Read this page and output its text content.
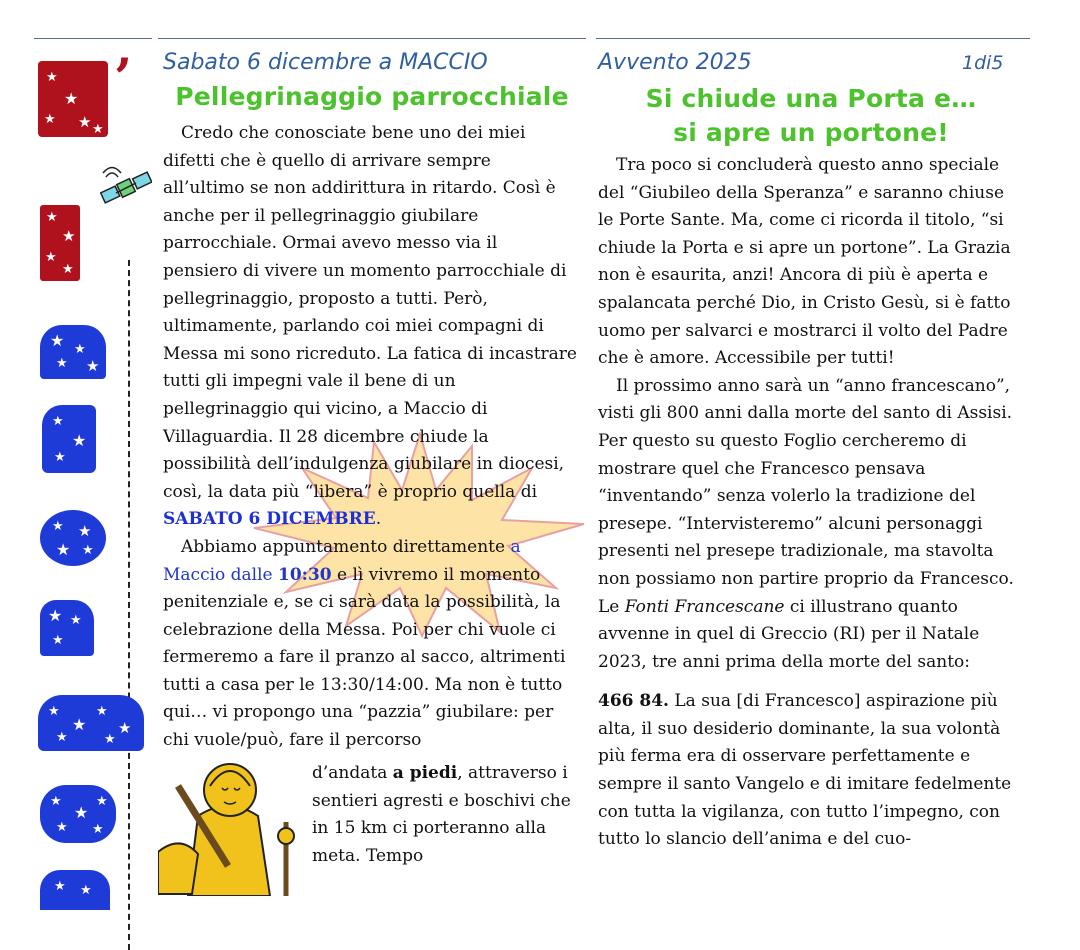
★
★
★ ★ ★
’
★
★
★
★
★ ★
★ ★
★
★
★
★ ★
★ ★
★ ★
★
★
★
★
★
★	★
★
★
★
★ ★
★ ★
Sabato 6 dicembre a MACCIO
Pellegrinaggio parrocchiale

Credo che conosciate bene uno dei miei difetti che è quello di arrivare sempre all’ultimo se non addirittura in ritardo. Così è anche per il pellegrinaggio giubilare parrocchiale. Ormai avevo messo via il pensiero di vivere un momento parrocchiale di pellegrinaggio, proposto a tutti. Però, ultimamente, parlando coi miei compagni di Messa mi sono ricreduto. La fatica di incastrare tutti gli impegni vale il bene di un pellegrinaggio qui vicino, a Maccio di Villaguardia. Il 28 dicembre chiude la possibilità dell’indulgenza giubilare in diocesi, così, la data più “libera” è proprio quella di SABATO 6 DICEMBRE.

Abbiamo appuntamento direttamente a Maccio dalle 10:30 e lì vivremo il momento penitenziale e, se ci sarà data la possibilità, la celebrazione della Messa. Poi per chi vuole ci fermeremo a fare il pranzo al sacco, altrimenti tutti a casa per le 13:30/14:00. Ma non è tutto qui… vi propongo una “pazzia” giubilare: per chi vuole/può, fare il percorso

d’andata a piedi, attraverso i sentieri agresti e boschivi che in 15 km ci porteranno alla meta. Tempo

Avvento 2025	1di5
Si chiude una Porta e…
si apre un portone!

Tra poco si concluderà questo anno speciale del “Giubileo della Speranza” e saranno chiuse le Porte Sante. Ma, come ci ricorda il titolo, “si chiude la Porta e si apre un portone”. La Grazia non è esaurita, anzi! Ancora di più è aperta e spalancata perché Dio, in Cristo Gesù, si è fatto uomo per salvarci e mostrarci il volto del Padre che è amore. Accessibile per tutti!

Il prossimo anno sarà un “anno francescano”, visti gli 800 anni dalla morte del santo di Assisi. Per questo su questo Foglio cercheremo di mostrare quel che Francesco pensava “inventando” senza volerlo la tradizione del presepe. “Intervisteremo” alcuni personaggi presenti nel presepe tradizionale, ma stavolta non possiamo non partire proprio da Francesco. Le Fonti Francescane ci illustrano quanto avvenne in quel di Greccio (RI) per il Natale 2023, tre anni prima della morte del santo:

466 84. La sua [di Francesco] aspirazione più alta, il suo desiderio dominante, la sua volontà più ferma era di osservare perfettamente e sempre il santo Vangelo e di imitare fedelmente con tutta la vigilanza, con tutto l’impegno, con tutto lo slancio dell’anima e del cuo-
